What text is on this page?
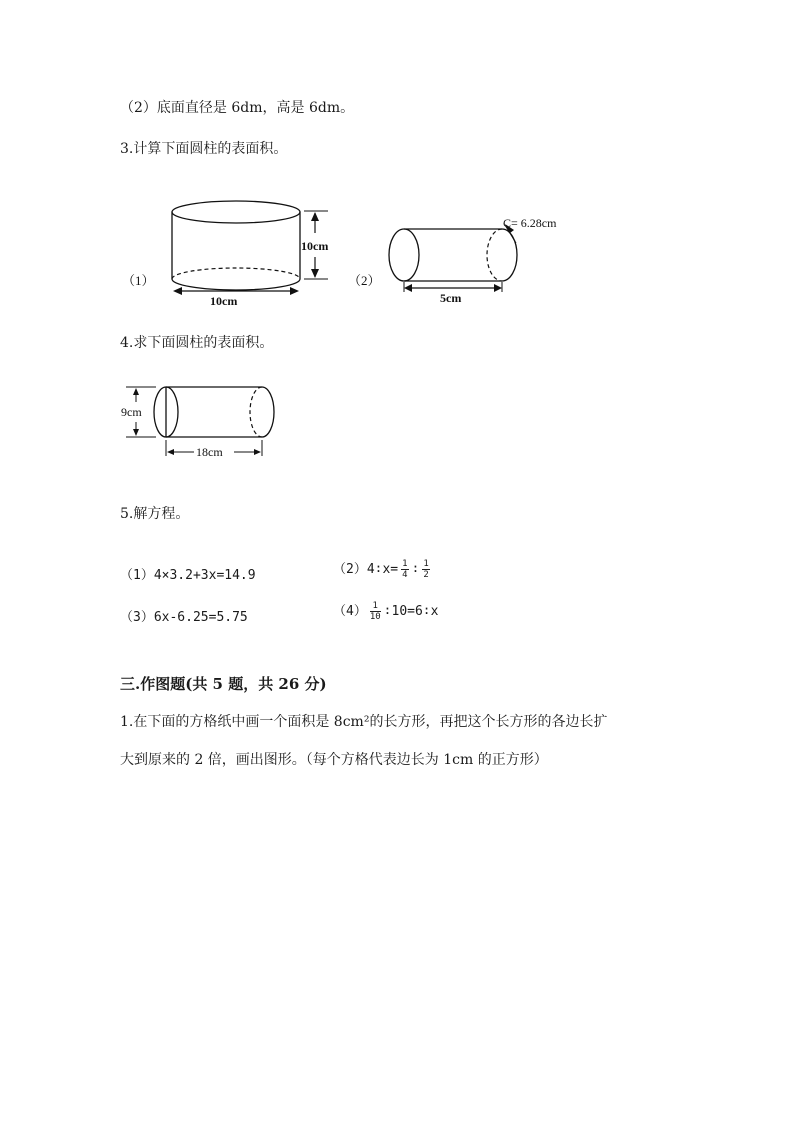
（2）底面直径是 6dm，高是 6dm。
3.计算下面圆柱的表面积。
（1）
10cm
10cm
（2）
C= 6.28cm
5cm
4.求下面圆柱的表面积。
9cm
18cm
5.解方程。
（1）4×3.2+3x=14.9	（2）4∶x= $\frac{1}{4}$ ∶ $\frac{1}{2}$
（3）6x-6.25=5.75	$(4) \frac{1}{10}$ ∶10=6∶x
三.作图题(共 5 题，共 26 分)
1.在下面的方格纸中画一个面积是 8cm²的长方形，再把这个长方形的各边长扩
大到原来的 2 倍，画出图形。（每个方格代表边长为 1cm 的正方形）
